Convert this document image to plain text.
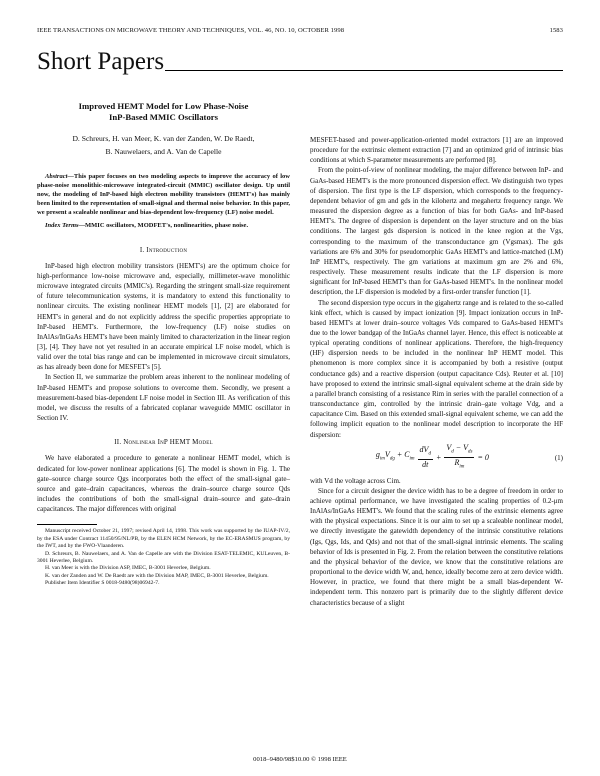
IEEE TRANSACTIONS ON MICROWAVE THEORY AND TECHNIQUES, VOL. 46, NO. 10, OCTOBER 1998	1583
Short Papers
Improved HEMT Model for Low Phase-Noise
InP-Based MMIC Oscillators
D. Schreurs, H. van Meer, K. van der Zanden, W. De Raedt,
B. Nauwelaers, and A. Van de Capelle

Abstract—This paper focuses on two modeling aspects to improve the accuracy of low phase-noise monolithic-microwave integrated-circuit (MMIC) oscillator design. Up until now, the modeling of InP-based high electron mobility transistors (HEMT's) has mainly been limited to the representation of small-signal and thermal noise behavior. In this paper, we present a scaleable nonlinear and bias-dependent low-frequency (LF) noise model.

Index Terms—MMIC oscillators, MODFET's, nonlinearities, phase noise.

I. Introduction

InP-based high electron mobility transistors (HEMT's) are the optimum choice for high-performance low-noise microwave and, especially, millimeter-wave monolithic microwave integrated circuits (MMIC's). Regarding the stringent small-size requirement of future telecommunication systems, it is mandatory to extend this functionality to nonlinear circuits. The existing nonlinear HEMT models [1], [2] are elaborated for HEMT's in general and do not explicitly address the specific properties appropriate to InP-based HEMT's. Furthermore, the low-frequency (LF) noise studies on InAlAs/InGaAs HEMT's have been mainly limited to characterization in the linear region [3], [4]. They have not yet resulted in an accurate empirical LF noise model, which is valid over the total bias range and can be implemented in microwave circuit simulators, as has already been done for MESFET's [5].

In Section II, we summarize the problem areas inherent to the nonlinear modeling of InP-based HEMT's and propose solutions to overcome them. Secondly, we present a measurement-based bias-dependent LF noise model in Section III. As verification of this model, we discuss the results of a fabricated coplanar waveguide MMIC oscillator in Section IV.

II. Nonlinear InP HEMT Model

We have elaborated a procedure to generate a nonlinear HEMT model, which is dedicated for low-power nonlinear applications [6]. The model is shown in Fig. 1. The gate–source charge source Qgs incorporates both the effect of the small-signal gate–source and gate–drain capacitances, whereas the drain–source charge source Qds includes the contributions of both the small-signal drain–source and gate–drain capacitances. The major differences with original

Manuscript received October 21, 1997; revised April 14, 1998. This work was supported by the IUAP-IV/2, by the ESA under Contract 11450/95/NL/PB, by the ELEN HCM Network, by the EC-ERASMUS program, by the IWT, and by the FWO-Vlaanderen.

D. Schreurs, B. Nauwelaers, and A. Van de Capelle are with the Division ESAT-TELEMIC, KULeuven, B-3001 Heverlee, Belgium.

H. van Meer is with the Division ASP, IMEC, B-3001 Heverlee, Belgium.

K. van der Zanden and W. De Raedt are with the Division MAP, IMEC, B-3001 Heverlee, Belgium.

Publisher Item Identifier S 0018-9480(98)06942-7.

MESFET-based and power-application-oriented model extractors [1] are an improved procedure for the extrinsic element extraction [7] and an optimized grid of intrinsic bias conditions at which S-parameter measurements are performed [8].

From the point-of-view of nonlinear modeling, the major difference between InP- and GaAs-based HEMT's is the more pronounced dispersion effect. We distinguish two types of dispersion. The first type is the LF dispersion, which corresponds to the frequency-dependent behavior of gm and gds in the kilohertz and megahertz frequency range. We measured the dispersion degree as a function of bias for both GaAs- and InP-based HEMT's. The degree of dispersion is dependent on the layer structure and on the bias conditions. The largest gds dispersion is noticed in the knee region at the Vgs, corresponding to the maximum of the transconductance gm (Vgsmax). The gds variations are 6% and 30% for pseudomorphic GaAs HEMT's and lattice-matched (LM) InP HEMT's, respectively. The gm variations at maximum gm are 2% and 6%, respectively. These measurement results indicate that the LF dispersion is more significant for InP-based HEMT's than for GaAs-based HEMT's. In the nonlinear model description, the LF dispersion is modeled by a first-order transfer function [1].

The second dispersion type occurs in the gigahertz range and is related to the so-called kink effect, which is caused by impact ionization [9]. Impact ionization occurs in InP-based HEMT's at lower drain–source voltages Vds compared to GaAs-based HEMT's due to the lower bandgap of the InGaAs channel layer. Hence, this effect is noticeable at typical operating conditions of nonlinear applications. Therefore, the high-frequency (HF) dispersion needs to be included in the nonlinear InP HEMT model. This phenomenon is more complex since it is accompanied by both a resistive (output conductance gds) and a reactive dispersion (output capacitance Cds). Reuter et al. [10] have proposed to extend the intrinsic small-signal equivalent scheme at the drain side by a parallel branch consisting of a resistance Rim in series with the parallel connection of a transconductance gim, controlled by the intrinsic drain–gate voltage Vdg, and a capacitance Cim. Based on this extended small-signal equivalent scheme, we can add the following implicit equation to the nonlinear model description to incorporate the HF dispersion:

$g_{im}V_{dg} + C_{im} \frac{dV_d}{dt} + \frac{V_d - V_{ds}}{R_{im}} = 0$	(1)

with Vd the voltage across Cim.

Since for a circuit designer the device width has to be a degree of freedom in order to achieve optimal performance, we have investigated the scaling properties of 0.2-μm InAlAs/InGaAs HEMT's. We found that the scaling rules of the extrinsic elements agree with the physical expectations. Since it is our aim to set up a scaleable nonlinear model, we directly investigate the gatewidth dependency of the intrinsic constitutive relations (Igs, Qgs, Ids, and Qds) and not that of the small-signal intrinsic elements. The scaling behavior of Ids is presented in Fig. 2. From the relation between the constitutive relations and the physical behavior of the device, we know that the constitutive relations are proportional to the device width W, and, hence, ideally become zero at zero device width. However, in practice, we found that there might be a small bias-dependent W-independent term. This nonzero part is primarily due to the slightly different device characteristics because of a slight

0018–9480/98$10.00 © 1998 IEEE
